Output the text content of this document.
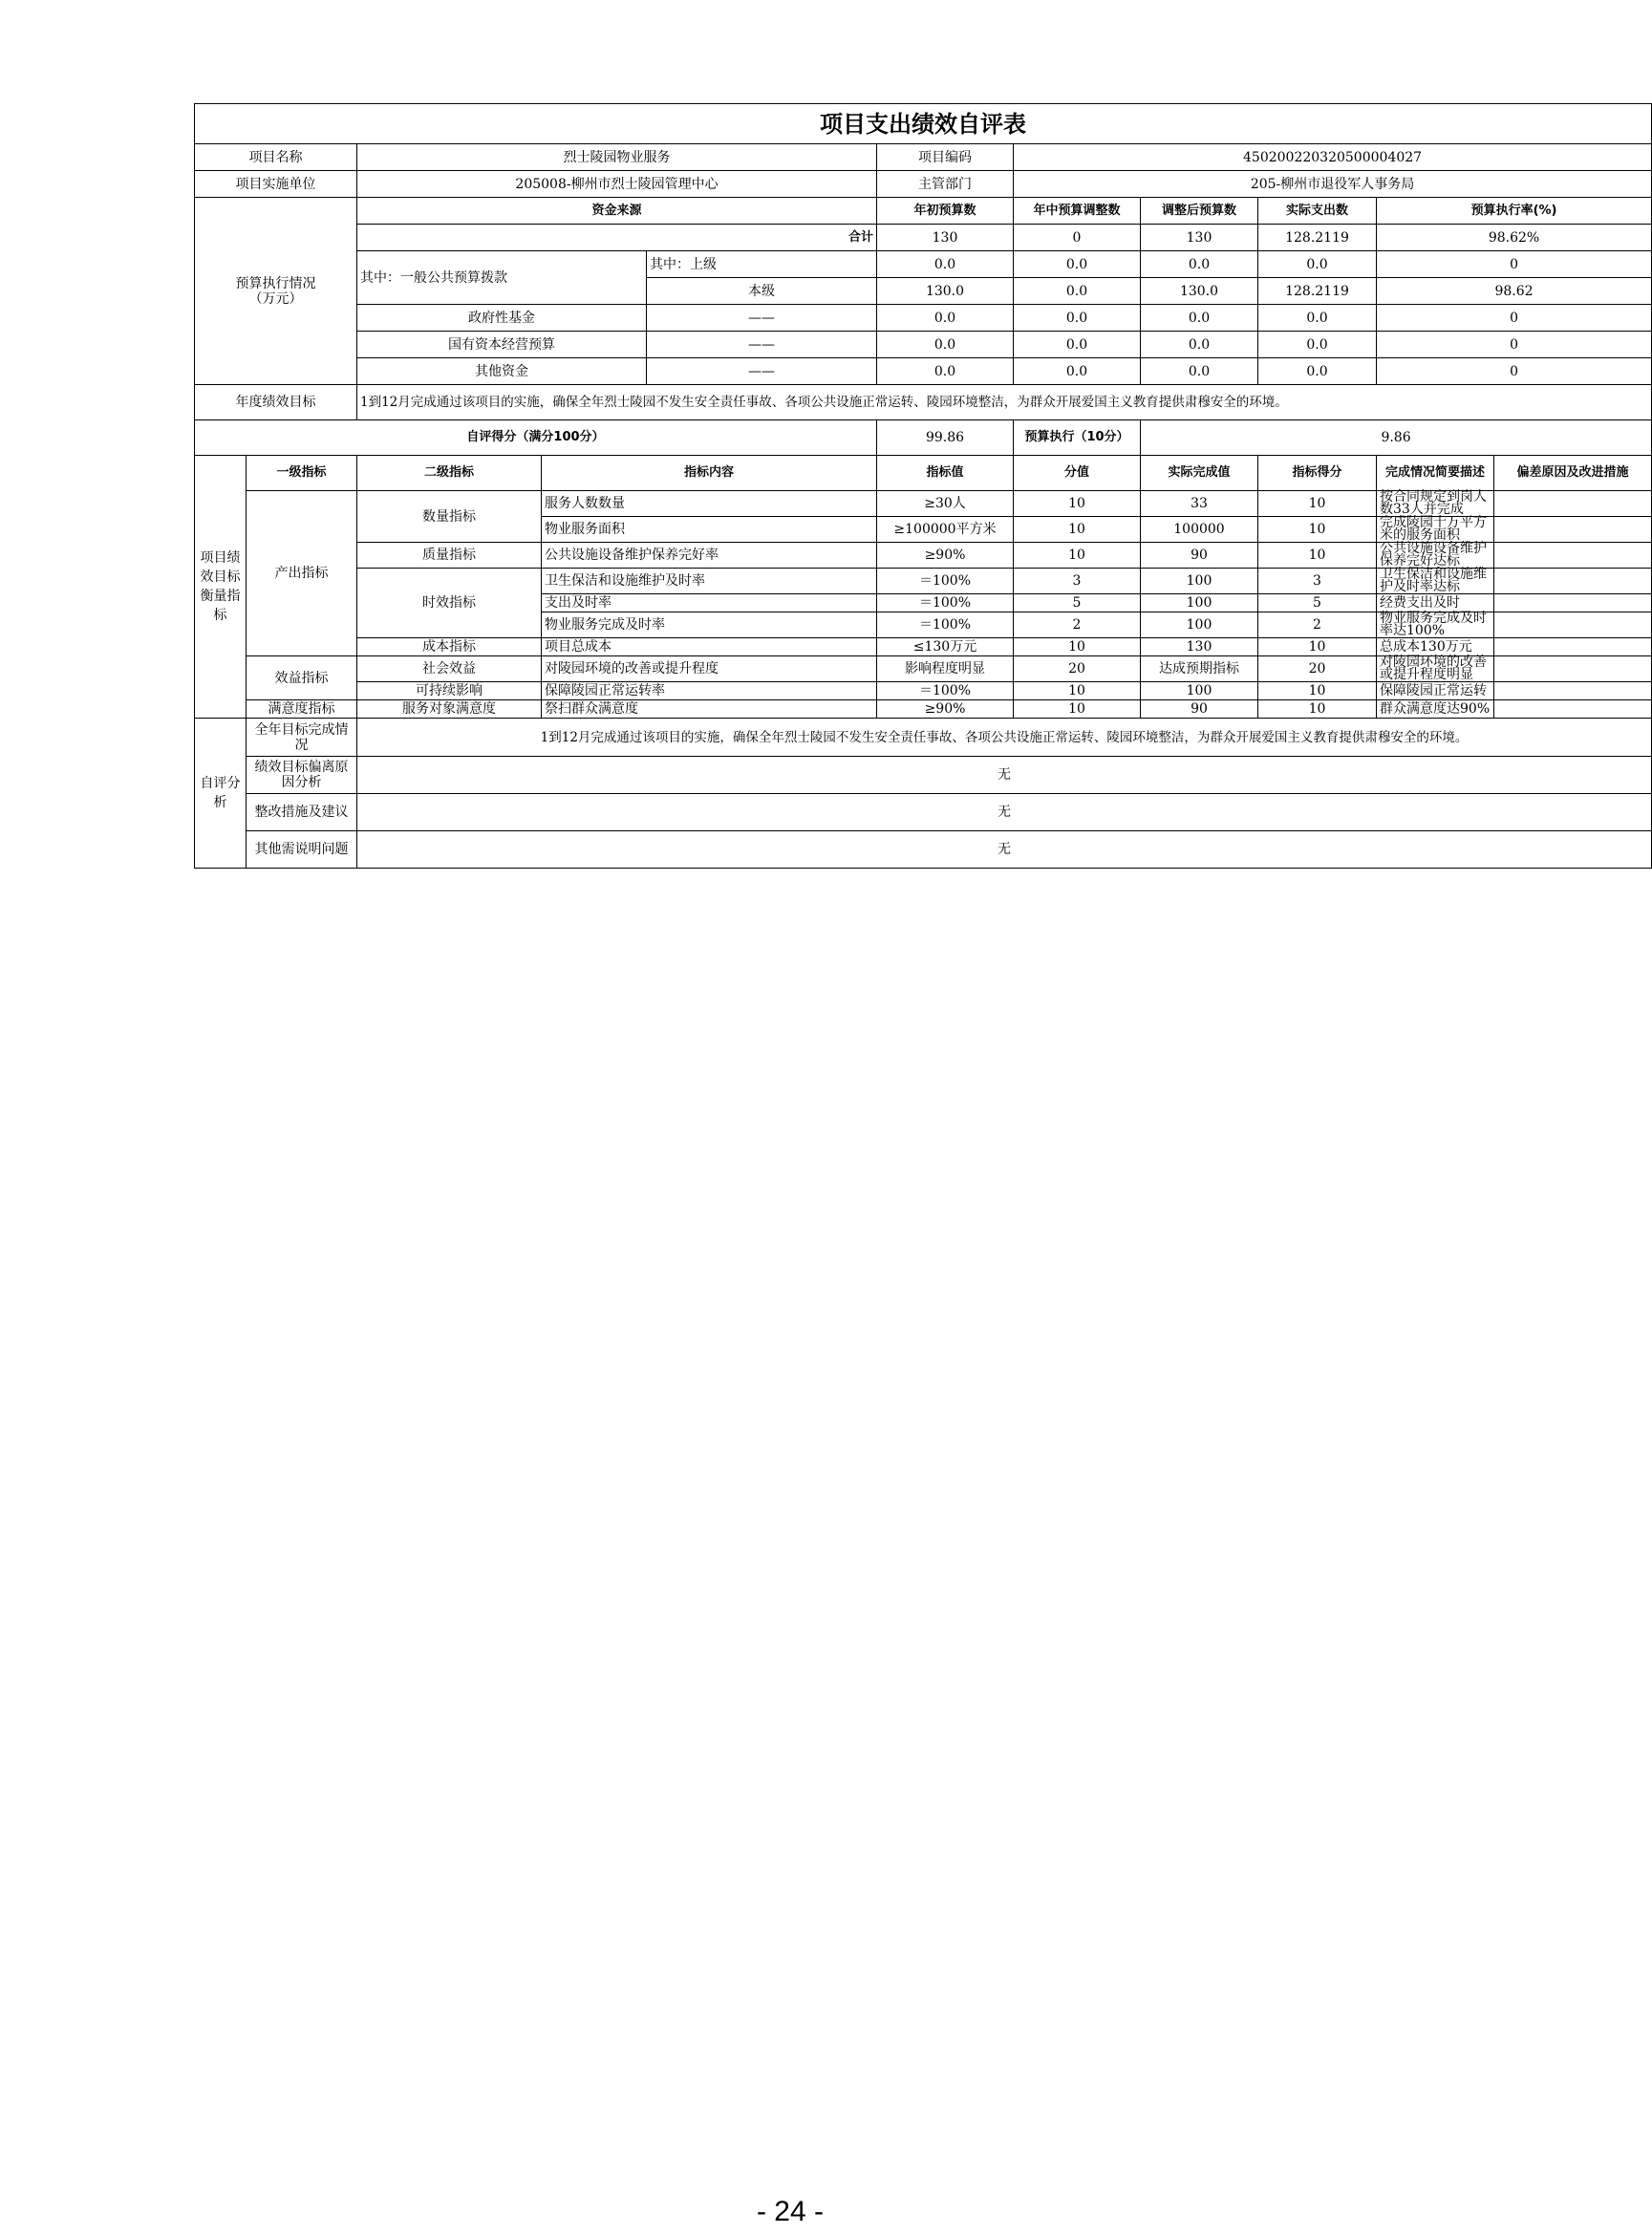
项目支出绩效自评表										
项目名称		烈士陵园物业服务			项目编码	450200220320500004027				
项目实施单位		205008-柳州市烈士陵园管理中心			主管部门	205-柳州市退役军人事务局				
预算执行情况
（万元）		资金来源			年初预算数	年中预算调整数	调整后预算数	实际支出数	预算执行率(%)	
		合计			130	0	130	128.2119	98.62%	
		其中：一般公共预算拨款		其中：上级	0.0	0.0	0.0	0.0	0	
				本级	130.0	0.0	130.0	128.2119	98.62	
		政府性基金		——	0.0	0.0	0.0	0.0	0	
		国有资本经营预算		——	0.0	0.0	0.0	0.0	0	
		其他资金		——	0.0	0.0	0.0	0.0	0	
年度绩效目标		1到12月完成通过该项目的实施，确保全年烈士陵园不发生安全责任事故、各项公共设施正常运转、陵园环境整洁，为群众开展爱国主义教育提供肃穆安全的环境。								
自评得分（满分100分）					99.86	预算执行（10分）	9.86			
项目绩效目标衡量指标	一级指标	二级指标	指标内容		指标值	分值	实际完成值	指标得分	完成情况简要描述	偏差原因及改进措施
	产出指标	数量指标	服务人数数量		≥30人	10	33	10	按合同规定到岗人数33人并完成	
			物业服务面积		≥100000平方米	10	100000	10	完成陵园十万平方米的服务面积	
		质量指标	公共设施设备维护保养完好率		≥90%	10	90	10	公共设施设备维护保养完好达标	
		时效指标	卫生保洁和设施维护及时率		＝100%	3	100	3	卫生保洁和设施维护及时率达标	
			支出及时率		＝100%	5	100	5	经费支出及时	
			物业服务完成及时率		＝100%	2	100	2	物业服务完成及时率达100%	
		成本指标	项目总成本		≤130万元	10	130	10	总成本130万元	
	效益指标	社会效益	对陵园环境的改善或提升程度		影响程度明显	20	达成预期指标	20	对陵园环境的改善或提升程度明显	
		可持续影响	保障陵园正常运转率		＝100%	10	100	10	保障陵园正常运转	
	满意度指标	服务对象满意度	祭扫群众满意度		≥90%	10	90	10	群众满意度达90%	
自评分析	全年目标完成情况	1到12月完成通过该项目的实施，确保全年烈士陵园不发生安全责任事故、各项公共设施正常运转、陵园环境整洁，为群众开展爱国主义教育提供肃穆安全的环境。								
	绩效目标偏离原因分析	无								
	整改措施及建议	无								
	其他需说明问题	无								
- 24 -
